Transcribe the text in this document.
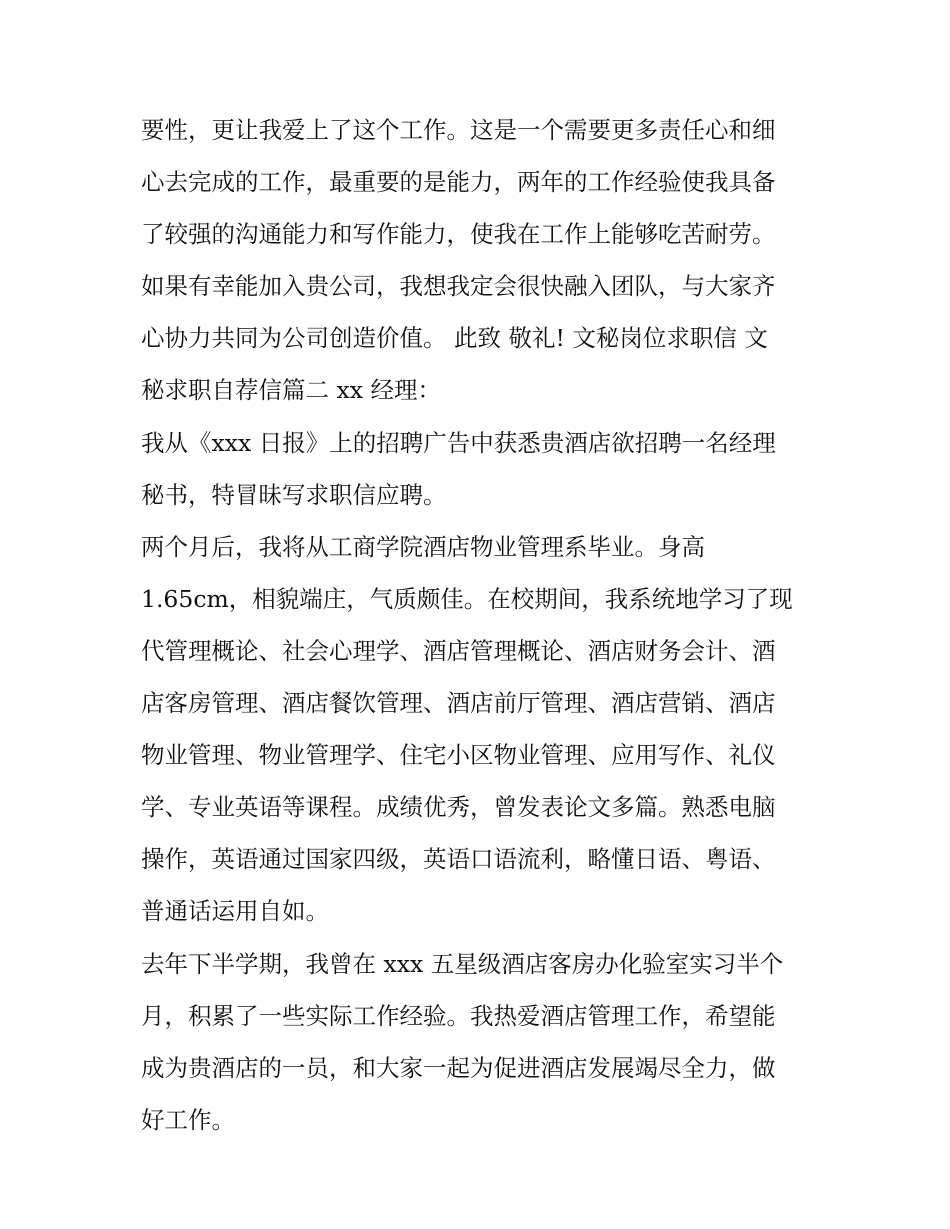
要性，更让我爱上了这个工作。这是一个需要更多责任心和细
心去完成的工作，最重要的是能力，两年的工作经验使我具备
了较强的沟通能力和写作能力，使我在工作上能够吃苦耐劳。
如果有幸能加入贵公司，我想我定会很快融入团队，与大家齐
心协力共同为公司创造价值。 此致 敬礼! 文秘岗位求职信 文
秘求职自荐信篇二 xx 经理：
我从《xxx 日报》上的招聘广告中获悉贵酒店欲招聘一名经理
秘书，特冒昧写求职信应聘。
两个月后，我将从工商学院酒店物业管理系毕业。身高
1.65cm，相貌端庄，气质颇佳。在校期间，我系统地学习了现
代管理概论、社会心理学、酒店管理概论、酒店财务会计、酒
店客房管理、酒店餐饮管理、酒店前厅管理、酒店营销、酒店
物业管理、物业管理学、住宅小区物业管理、应用写作、礼仪
学、专业英语等课程。成绩优秀，曾发表论文多篇。熟悉电脑
操作，英语通过国家四级，英语口语流利，略懂日语、粤语、
普通话运用自如。
去年下半学期，我曾在 xxx 五星级酒店客房办化验室实习半个
月，积累了一些实际工作经验。我热爱酒店管理工作，希望能
成为贵酒店的一员，和大家一起为促进酒店发展竭尽全力，做
好工作。
